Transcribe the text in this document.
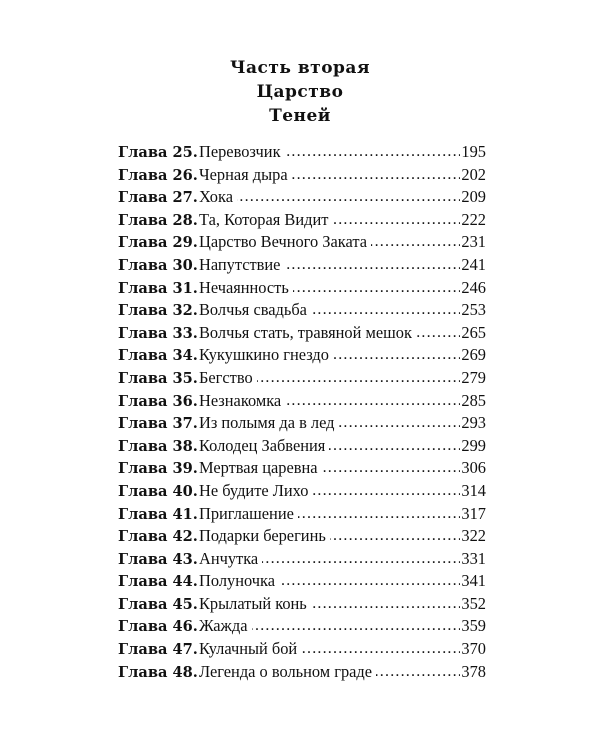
Часть вторая
Царство
Теней
Глава 25. Перевозчик . . .	195
Глава 26. Черная дыра . . .	202
Глава 27. Хока . . .	209
Глава 28. Та, Которая Видит . . .	222
Глава 29. Царство Вечного Заката . . .	231
Глава 30. Напутствие . . .	241
Глава 31. Нечаянность . . .	246
Глава 32. Волчья свадьба . . .	253
Глава 33. Волчья стать, травяной мешок . . .	265
Глава 34. Кукушкино гнездо . . .	269
Глава 35. Бегство . . .	279
Глава 36. Незнакомка . . .	285
Глава 37. Из полымя да в лед . . .	293
Глава 38. Колодец Забвения . . .	299
Глава 39. Мертвая царевна . . .	306
Глава 40. Не будите Лихо . . .	314
Глава 41. Приглашение . . .	317
Глава 42. Подарки берегинь . . .	322
Глава 43. Анчутка . . .	331
Глава 44. Полуночка . . .	341
Глава 45. Крылатый конь . . .	352
Глава 46. Жажда . . .	359
Глава 47. Кулачный бой . . .	370
Глава 48. Легенда о вольном граде . . .	378
